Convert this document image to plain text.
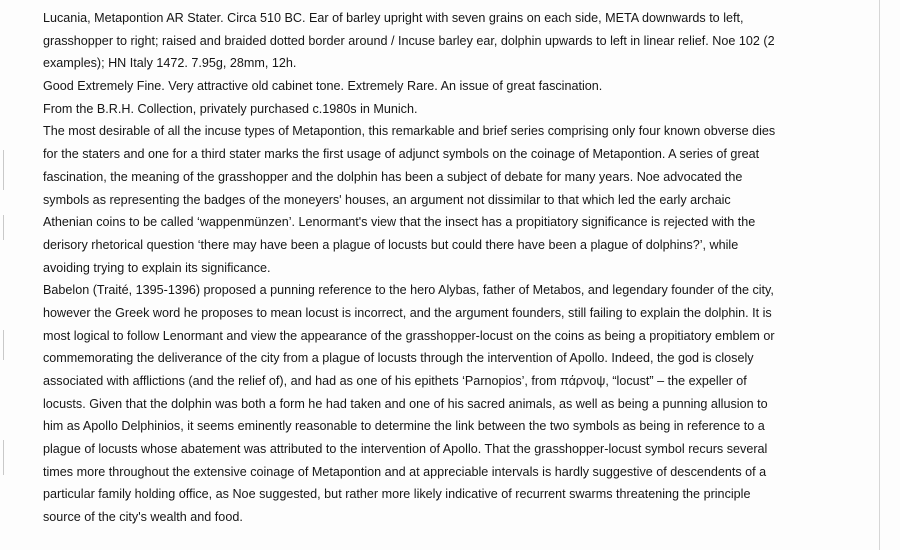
Lucania, Metapontion AR Stater. Circa 510 BC. Ear of barley upright with seven grains on each side, META downwards to left,
grasshopper to right; raised and braided dotted border around / Incuse barley ear, dolphin upwards to left in linear relief. Noe 102 (2
examples); HN Italy 1472. 7.95g, 28mm, 12h.
Good Extremely Fine. Very attractive old cabinet tone. Extremely Rare. An issue of great fascination.
From the B.R.H. Collection, privately purchased c.1980s in Munich.
The most desirable of all the incuse types of Metapontion, this remarkable and brief series comprising only four known obverse dies
for the staters and one for a third stater marks the first usage of adjunct symbols on the coinage of Metapontion. A series of great
fascination, the meaning of the grasshopper and the dolphin has been a subject of debate for many years. Noe advocated the
symbols as representing the badges of the moneyers' houses, an argument not dissimilar to that which led the early archaic
Athenian coins to be called ‘wappenmünzen’. Lenormant's view that the insect has a propitiatory significance is rejected with the
derisory rhetorical question ‘there may have been a plague of locusts but could there have been a plague of dolphins?’, while
avoiding trying to explain its significance.
Babelon (Traité, 1395-1396) proposed a punning reference to the hero Alybas, father of Metabos, and legendary founder of the city,
however the Greek word he proposes to mean locust is incorrect, and the argument founders, still failing to explain the dolphin. It is
most logical to follow Lenormant and view the appearance of the grasshopper-locust on the coins as being a propitiatory emblem or
commemorating the deliverance of the city from a plague of locusts through the intervention of Apollo. Indeed, the god is closely
associated with afflictions (and the relief of), and had as one of his epithets ‘Parnopios’, from πάρνοψ, “locust” – the expeller of
locusts. Given that the dolphin was both a form he had taken and one of his sacred animals, as well as being a punning allusion to
him as Apollo Delphinios, it seems eminently reasonable to determine the link between the two symbols as being in reference to a
plague of locusts whose abatement was attributed to the intervention of Apollo. That the grasshopper-locust symbol recurs several
times more throughout the extensive coinage of Metapontion and at appreciable intervals is hardly suggestive of descendents of a
particular family holding office, as Noe suggested, but rather more likely indicative of recurrent swarms threatening the principle
source of the city's wealth and food.
